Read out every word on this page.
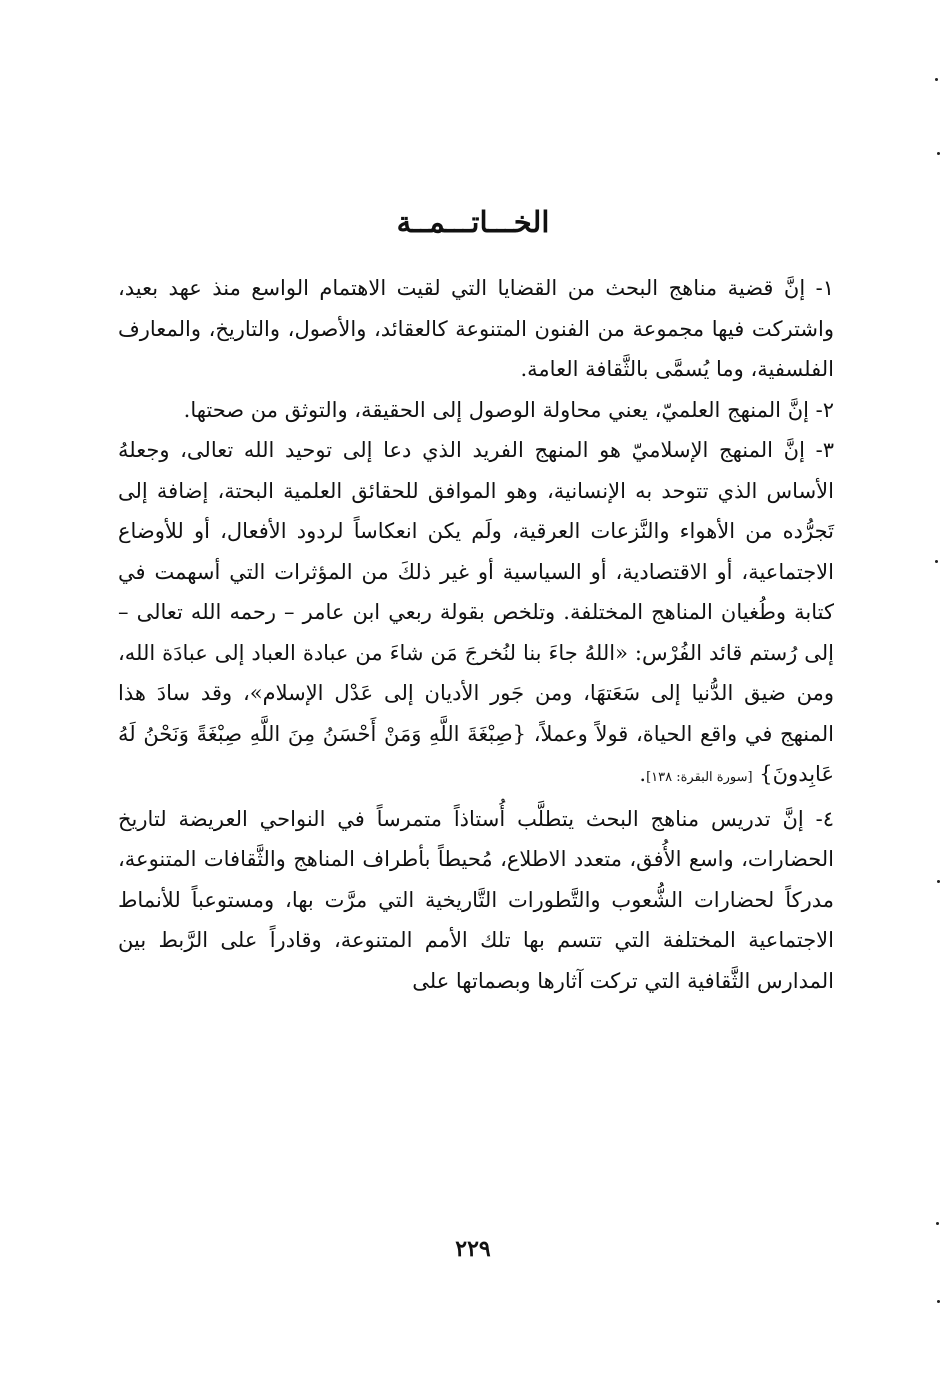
الخـــاتـــمــة

١- إنَّ قضية مناهج البحث من القضايا التي لقيت الاهتمام الواسع منذ عهد بعيد، واشتركت فيها مجموعة من الفنون المتنوعة كالعقائد، والأصول، والتاريخ، والمعارف الفلسفية، وما يُسمَّى بالثَّقافة العامة.

٢- إنَّ المنهج العلميّ، يعني محاولة الوصول إلى الحقيقة، والتوثق من صحتها.

٣- إنَّ المنهج الإسلاميّ هو المنهج الفريد الذي دعا إلى توحيد الله تعالى، وجعلهُ الأساس الذي تتوحد به الإنسانية، وهو الموافق للحقائق العلمية البحتة، إضافة إلى تَجرُّده من الأهواء والنَّزعات العرقية، ولَم يكن انعكاساً لردود الأفعال، أو للأوضاع الاجتماعية، أو الاقتصادية، أو السياسية أو غير ذلكَ من المؤثرات التي أسهمت في كتابة وطُغيان المناهج المختلفة. وتلخص بقولة ربعي ابن عامر – رحمه الله تعالى – إلى رُستم قائد الفُرْس: «اللهُ جاءَ بنا لنُخرجَ مَن شاءَ من عبادة العباد إلى عبادَة الله، ومن ضيق الدُّنيا إلى سَعَتهَا، ومن جَور الأديان إلى عَدْل الإسلام»، وقد سادَ هذا المنهج في واقع الحياة، قولاً وعملاً، {صِبْغَةَ اللَّهِ وَمَنْ أَحْسَنُ مِنَ اللَّهِ صِبْغَةً وَنَحْنُ لَهُ عَابِدونَ} [سورة البقرة: ١٣٨].

٤- إنَّ تدريس مناهج البحث يتطلَّب أُستاذاً متمرساً في النواحي العريضة لتاريخ الحضارات، واسع الأُفق، متعدد الاطلاع، مُحيطاً بأطراف المناهج والثَّقافات المتنوعة، مدركاً لحضارات الشُّعوب والتَّطورات التَّاريخية التي مرَّت بها، ومستوعباً للأنماط الاجتماعية المختلفة التي تتسم بها تلك الأمم المتنوعة، وقادراً على الرَّبط بين المدارس الثَّقافية التي تركت آثارها وبصماتها على

٢٢٩
